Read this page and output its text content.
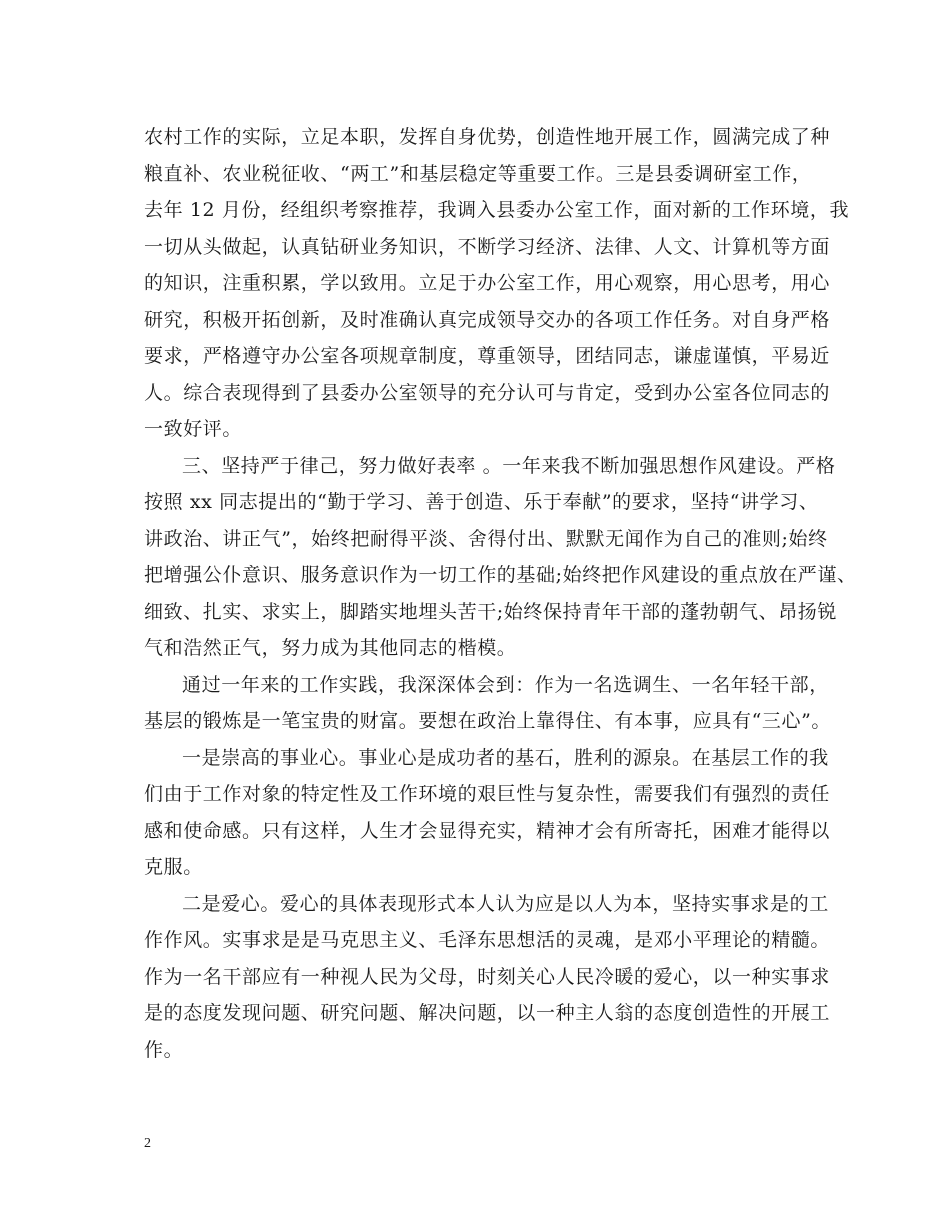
农村工作的实际，立足本职，发挥自身优势，创造性地开展工作，圆满完成了种
粮直补、农业税征收、“两工”和基层稳定等重要工作。三是县委调研室工作，
去年 12 月份，经组织考察推荐，我调入县委办公室工作，面对新的工作环境，我
一切从头做起，认真钻研业务知识，不断学习经济、法律、人文、计算机等方面
的知识，注重积累，学以致用。立足于办公室工作，用心观察，用心思考，用心
研究，积极开拓创新，及时准确认真完成领导交办的各项工作任务。对自身严格
要求，严格遵守办公室各项规章制度，尊重领导，团结同志，谦虚谨慎，平易近
人。综合表现得到了县委办公室领导的充分认可与肯定，受到办公室各位同志的
一致好评。
三、坚持严于律己，努力做好表率 。一年来我不断加强思想作风建设。严格
按照 xx 同志提出的“勤于学习、善于创造、乐于奉献”的要求，坚持“讲学习、
讲政治、讲正气”，始终把耐得平淡、舍得付出、默默无闻作为自己的准则;始终
把增强公仆意识、服务意识作为一切工作的基础;始终把作风建设的重点放在严谨、
细致、扎实、求实上，脚踏实地埋头苦干;始终保持青年干部的蓬勃朝气、昂扬锐
气和浩然正气，努力成为其他同志的楷模。
通过一年来的工作实践，我深深体会到：作为一名选调生、一名年轻干部，
基层的锻炼是一笔宝贵的财富。要想在政治上靠得住、有本事，应具有“三心”。
一是崇高的事业心。事业心是成功者的基石，胜利的源泉。在基层工作的我
们由于工作对象的特定性及工作环境的艰巨性与复杂性，需要我们有强烈的责任
感和使命感。只有这样，人生才会显得充实，精神才会有所寄托，困难才能得以
克服。
二是爱心。爱心的具体表现形式本人认为应是以人为本，坚持实事求是的工
作作风。实事求是是马克思主义、毛泽东思想活的灵魂，是邓小平理论的精髓。
作为一名干部应有一种视人民为父母，时刻关心人民冷暖的爱心，以一种实事求
是的态度发现问题、研究问题、解决问题，以一种主人翁的态度创造性的开展工
作。
2
